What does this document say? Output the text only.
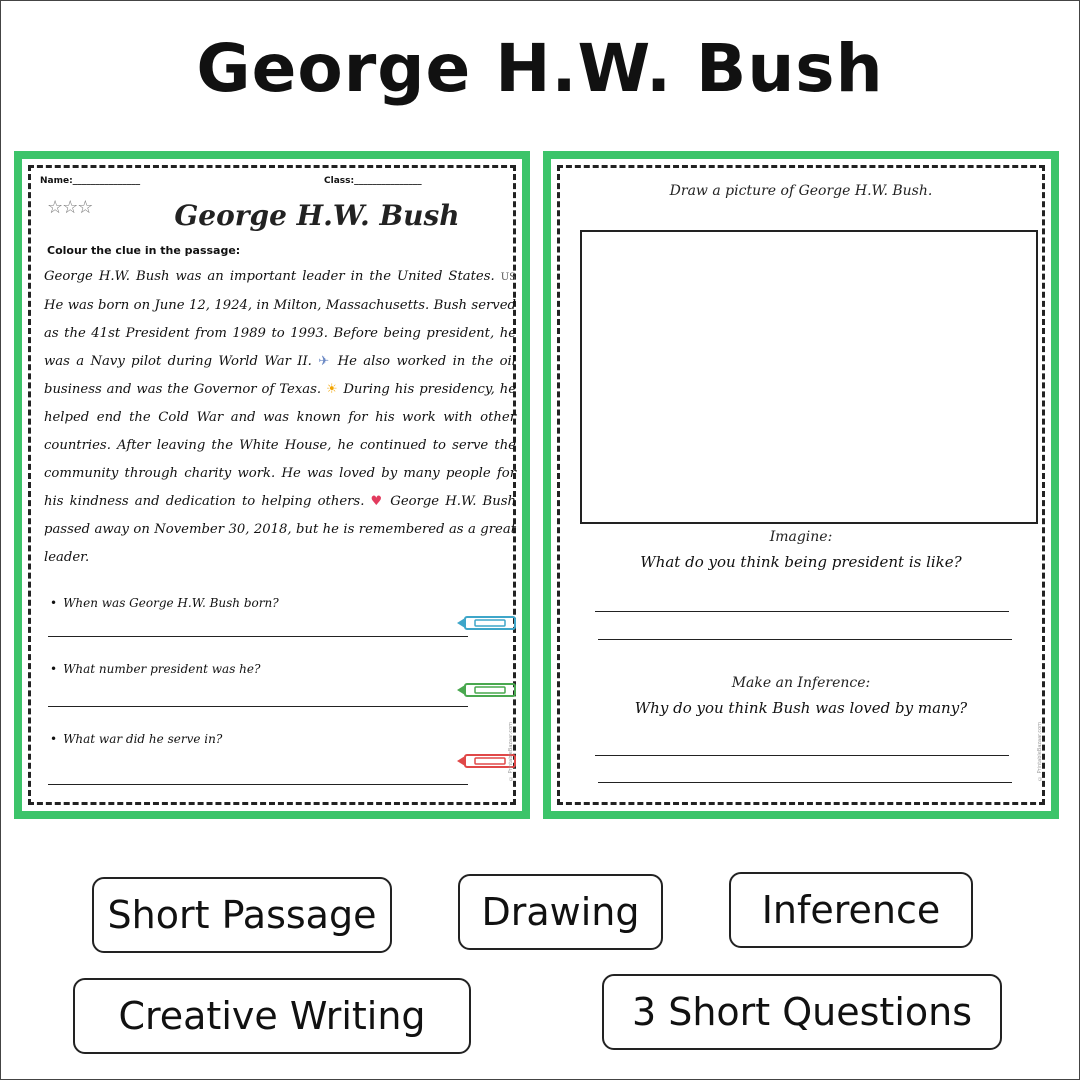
George H.W. Bush
Name:_______________	Class:_______________
☆☆☆	George H.W. Bush
Colour the clue in the passage:
George H.W. Bush was an important leader in the United States. US He was born on June 12, 1924, in Milton, Massachusetts. Bush served as the 41st President from 1989 to 1993. Before being president, he was a Navy pilot during World War II. ✈ He also worked in the oil business and was the Governor of Texas. ☀ During his presidency, he helped end the Cold War and was known for his work with other countries. After leaving the White House, he continued to serve the community through charity work. He was loved by many people for his kindness and dedication to helping others. ♥ George H.W. Bush passed away on November 30, 2018, but he is remembered as a great leader.
• When was George H.W. Bush born?
• What number president was he?
• What war did he serve in?	© PrintableBazaar.com
Draw a picture of George H.W. Bush.
Imagine:
What do you think being president is like?
Make an Inference:
Why do you think Bush was loved by many?
© PrintableBazaar.com
Short Passage	Drawing	Inference
Creative Writing	3 Short Questions
